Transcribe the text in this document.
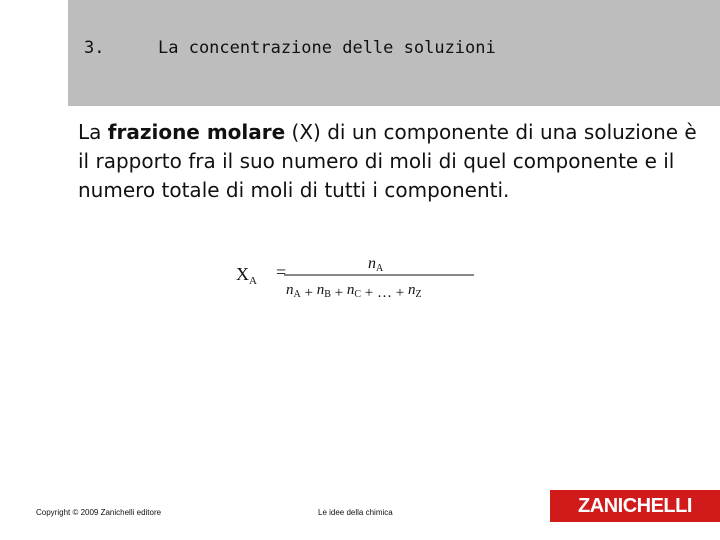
3.	La concentrazione delle soluzioni

La frazione molare (X) di un componente di una soluzione è il rapporto fra il suo numero di moli di quel componente e il numero totale di moli di tutti i componenti.

$X_A$ =	nA
$n_A + n_B + n_C$ + … + $n_Z$
Copyright © 2009 Zanichelli editore	Le idee della chimica	ZANICHELLI
